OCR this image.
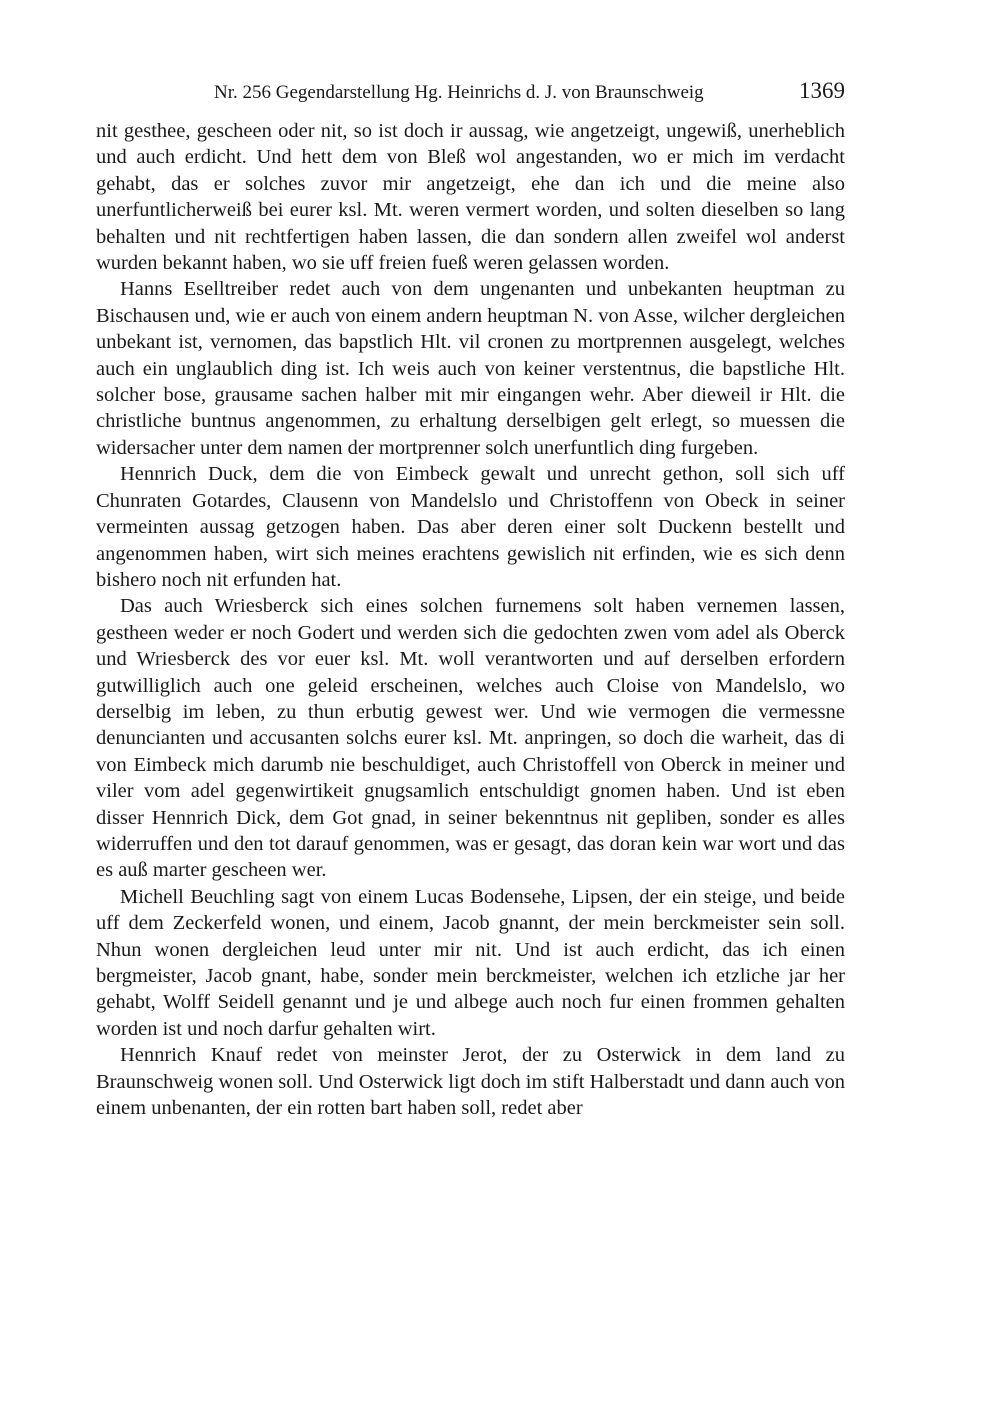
Nr. 256 Gegendarstellung Hg. Heinrichs d. J. von Braunschweig	1369

nit gesthee, gescheen oder nit, so ist doch ir aussag, wie angetzeigt, ungewiß, unerheblich und auch erdicht. Und hett dem von Bleß wol angestanden, wo er mich im verdacht gehabt, das er solches zuvor mir angetzeigt, ehe dan ich und die meine also unerfuntlicherweiß bei eurer ksl. Mt. weren vermert worden, und solten dieselben so lang behalten und nit rechtfertigen haben lassen, die dan sondern allen zweifel wol anderst wurden bekannt haben, wo sie uff freien fueß weren gelassen worden.

Hanns Eselltreiber redet auch von dem ungenanten und unbekanten heuptman zu Bischausen und, wie er auch von einem andern heuptman N. von Asse, wilcher dergleichen unbekant ist, vernomen, das bapstlich Hlt. vil cronen zu mortprennen ausgelegt, welches auch ein unglaublich ding ist. Ich weis auch von keiner verstentnus, die bapstliche Hlt. solcher bose, grausame sachen halber mit mir eingangen wehr. Aber dieweil ir Hlt. die christliche buntnus angenommen, zu erhaltung derselbigen gelt erlegt, so muessen die widersacher unter dem namen der mortprenner solch unerfuntlich ding furgeben.

Hennrich Duck, dem die von Eimbeck gewalt und unrecht gethon, soll sich uff Chunraten Gotardes, Clausenn von Mandelslo und Christoffenn von Obeck in seiner vermeinten aussag getzogen haben. Das aber deren einer solt Duckenn bestellt und angenommen haben, wirt sich meines erachtens gewislich nit erfinden, wie es sich denn bishero noch nit erfunden hat.

Das auch Wriesberck sich eines solchen furnemens solt haben vernemen lassen, gestheen weder er noch Godert und werden sich die gedochten zwen vom adel als Oberck und Wriesberck des vor euer ksl. Mt. woll verantworten und auf derselben erfordern gutwilliglich auch one geleid erscheinen, welches auch Cloise von Mandelslo, wo derselbig im leben, zu thun erbutig gewest wer. Und wie vermogen die vermessne denuncianten und accusanten solchs eurer ksl. Mt. anpringen, so doch die warheit, das di von Eimbeck mich darumb nie beschuldiget, auch Christoffell von Oberck in meiner und viler vom adel gegenwirtikeit gnugsamlich entschuldigt gnomen haben. Und ist eben disser Hennrich Dick, dem Got gnad, in seiner bekenntnus nit gepliben, sonder es alles widerruffen und den tot darauf genommen, was er gesagt, das doran kein war wort und das es auß marter gescheen wer.

Michell Beuchling sagt von einem Lucas Bodensehe, Lipsen, der ein steige, und beide uff dem Zeckerfeld wonen, und einem, Jacob gnannt, der mein berckmeister sein soll. Nhun wonen dergleichen leud unter mir nit. Und ist auch erdicht, das ich einen bergmeister, Jacob gnant, habe, sonder mein berckmeister, welchen ich etzliche jar her gehabt, Wolff Seidell genannt und je und albege auch noch fur einen frommen gehalten worden ist und noch darfur gehalten wirt.

Hennrich Knauf redet von meinster Jerot, der zu Osterwick in dem land zu Braunschweig wonen soll. Und Osterwick ligt doch im stift Halberstadt und dann auch von einem unbenanten, der ein rotten bart haben soll, redet aber
